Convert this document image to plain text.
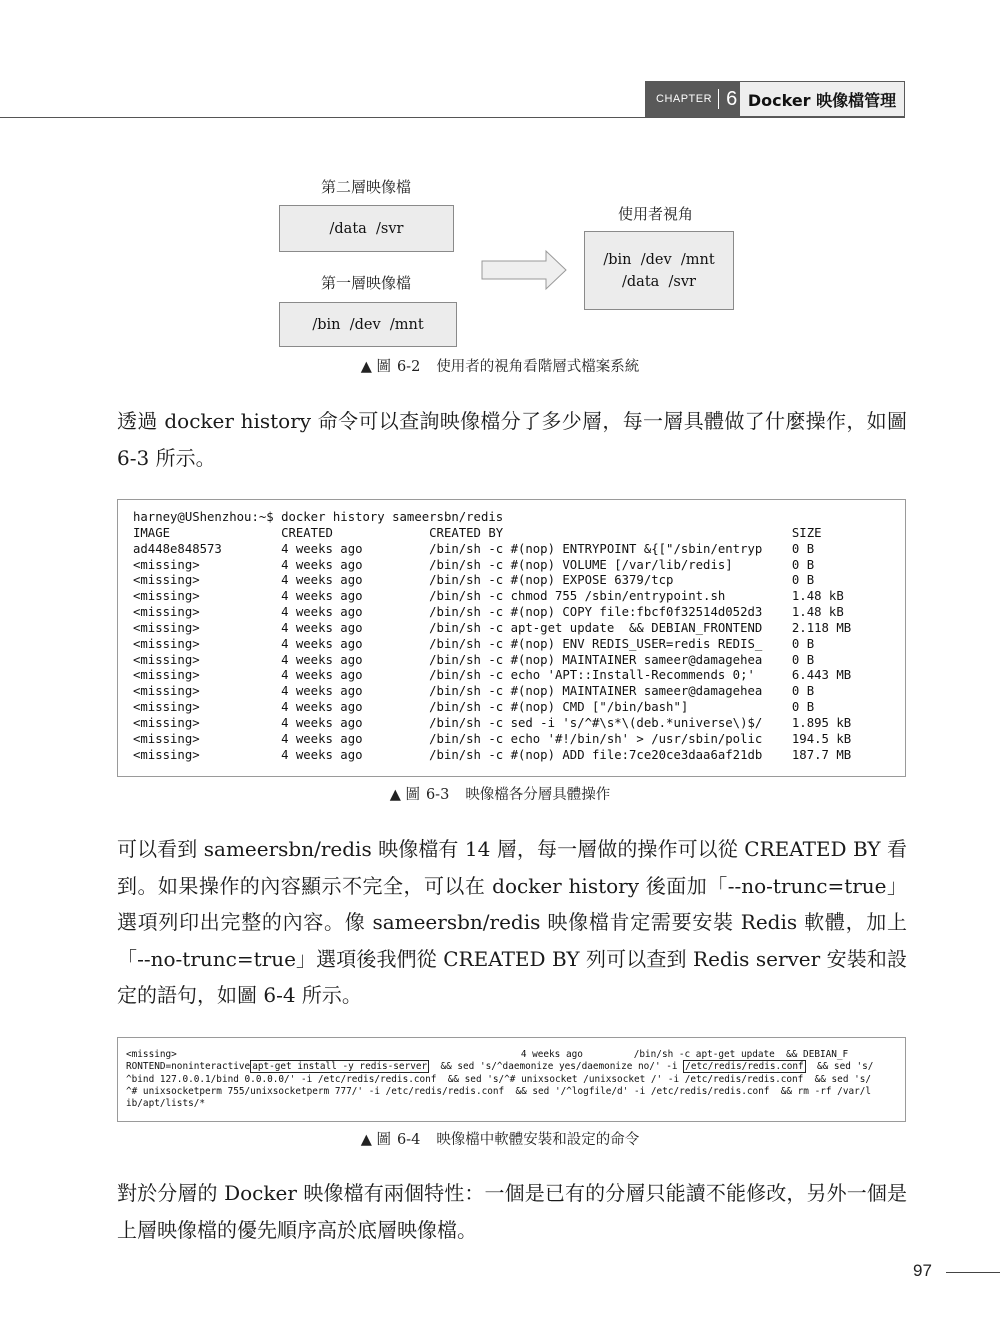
CHAPTER 6 Docker 映像檔管理
第二層映像檔
/data  /svr
第一層映像檔
/bin  /dev  /mnt
使用者視角
/bin  /dev  /mnt
/data  /svr
▲ 圖 6-2 使用者的視角看階層式檔案系統

透過 docker history 命令可以查詢映像檔分了多少層，每一層具體做了什麼操作，如圖 6-3 所示。

harney@UShenzhou:~$ docker history sameersbn/redis
IMAGE               CREATED             CREATED BY                                       SIZE
ad448e848573        4 weeks ago         /bin/sh -c #(nop) ENTRYPOINT &{["/sbin/entryp    0 B
<missing>           4 weeks ago         /bin/sh -c #(nop) VOLUME [/var/lib/redis]        0 B
<missing>           4 weeks ago         /bin/sh -c #(nop) EXPOSE 6379/tcp                0 B
<missing>           4 weeks ago         /bin/sh -c chmod 755 /sbin/entrypoint.sh         1.48 kB
<missing>           4 weeks ago         /bin/sh -c #(nop) COPY file:fbcf0f32514d052d3    1.48 kB
<missing>           4 weeks ago         /bin/sh -c apt-get update  && DEBIAN_FRONTEND    2.118 MB
<missing>           4 weeks ago         /bin/sh -c #(nop) ENV REDIS_USER=redis REDIS_    0 B
<missing>           4 weeks ago         /bin/sh -c #(nop) MAINTAINER sameer@damagehea    0 B
<missing>           4 weeks ago         /bin/sh -c echo 'APT::Install-Recommends 0;'     6.443 MB
<missing>           4 weeks ago         /bin/sh -c #(nop) MAINTAINER sameer@damagehea    0 B
<missing>           4 weeks ago         /bin/sh -c #(nop) CMD ["/bin/bash"]              0 B
<missing>           4 weeks ago         /bin/sh -c sed -i 's/^#\s*\(deb.*universe\)$/    1.895 kB
<missing>           4 weeks ago         /bin/sh -c echo '#!/bin/sh' > /usr/sbin/polic    194.5 kB
<missing>           4 weeks ago         /bin/sh -c #(nop) ADD file:7ce20ce3daa6af21db    187.7 MB
▲ 圖 6-3 映像檔各分層具體操作

可以看到 sameersbn/redis 映像檔有 14 層，每一層做的操作可以從 CREATED BY 看到。如果操作的內容顯示不完全，可以在 docker history 後面加「--no-trunc=true」選項列印出完整的內容。像 sameersbn/redis 映像檔肯定需要安裝 Redis 軟體，加上「--no-trunc=true」選項後我們從 CREATED BY 列可以查到 Redis server 安裝和設定的語句，如圖 6-4 所示。

<missing>	4 weeks ago	/bin/sh -c apt-get update  && DEBIAN_F
RONTEND=noninteractive apt-get install -y redis-server  && sed 's/^daemonize yes/daemonize no/' -i /etc/redis/redis.conf  && sed 's/
^bind 127.0.0.1/bind 0.0.0.0/' -i /etc/redis/redis.conf  && sed 's/^# unixsocket /unixsocket /' -i /etc/redis/redis.conf  && sed 's/
^# unixsocketperm 755/unixsocketperm 777/' -i /etc/redis/redis.conf  && sed '/^logfile/d' -i /etc/redis/redis.conf  && rm -rf /var/l
ib/apt/lists/*
▲ 圖 6-4 映像檔中軟體安裝和設定的命令

對於分層的 Docker 映像檔有兩個特性：一個是已有的分層只能讀不能修改，另外一個是上層映像檔的優先順序高於底層映像檔。

97
